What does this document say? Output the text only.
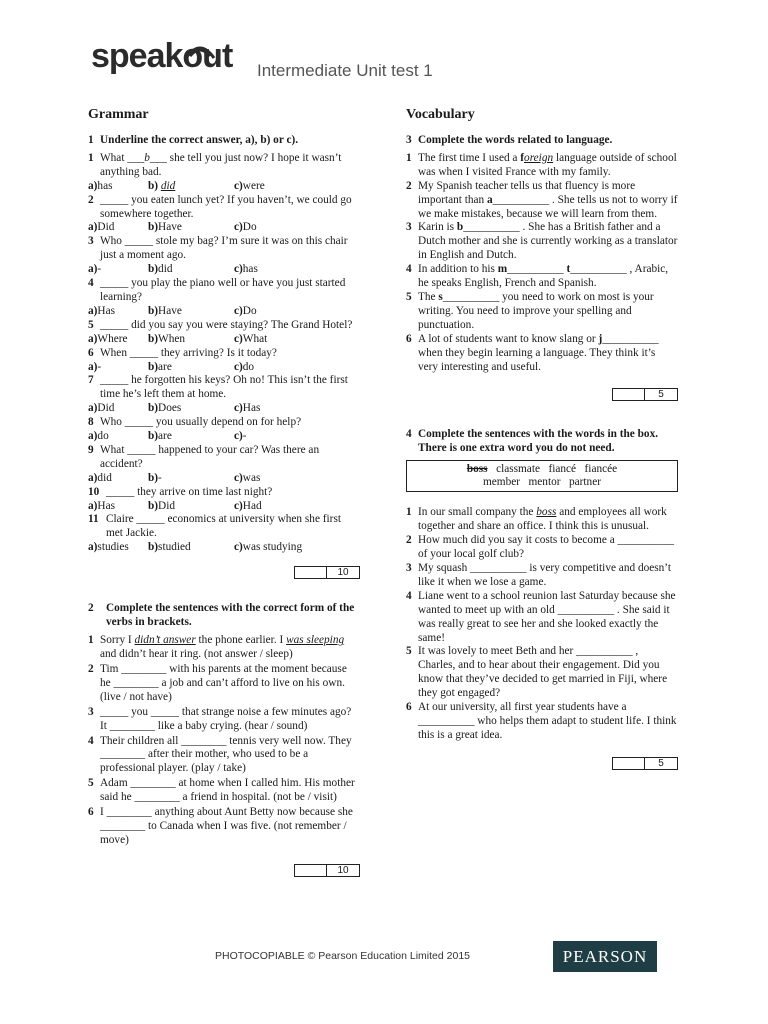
speakout Intermediate Unit test 1
Grammar
1 Underline the correct answer, a), b) or c).
1 What ___b___ she tell you just now? I hope it wasn’t anything bad.
a)has	b) did	c)were
2 _____ you eaten lunch yet? If you haven’t, we could go somewhere together.
a)Did	b)Have	c)Do
3 Who _____ stole my bag? I’m sure it was on this chair just a moment ago.
a)-	b)did	c)has
4 _____ you play the piano well or have you just started learning?
a)Has	b)Have	c)Do
5 _____ did you say you were staying? The Grand Hotel?
a)Where	b)When	c)What
6 When _____ they arriving? Is it today?
a)-	b)are	c)do
7 _____ he forgotten his keys? Oh no! This isn’t the first time he’s left them at home.
a)Did	b)Does	c)Has
8 Who _____ you usually depend on for help?
a)do	b)are	c)-
9 What _____ happened to your car? Was there an accident?
a)did	b)-	c)was
10 _____ they arrive on time last night?
a)Has	b)Did	c)Had
11 Claire _____ economics at university when she first met Jackie.
a)studies	b)studied	c)was studying
10
2	Complete the sentences with the correct form of the verbs in brackets.
1 Sorry I didn’t answer the phone earlier. I was sleeping and didn’t hear it ring. (not answer / sleep)
2 Tim ________ with his parents at the moment because he ________ a job and can’t afford to live on his own. (live / not have)
3 _____ you _____ that strange noise a few minutes ago? It ________ like a baby crying. (hear / sound)
4 Their children all ________ tennis very well now. They ________ after their mother, who used to be a professional player. (play / take)
5 Adam ________ at home when I called him. His mother said he ________ a friend in hospital. (not be / visit)
6 I ________ anything about Aunt Betty now because she ________ to Canada when I was five. (not remember / move)
10
Vocabulary
3 Complete the words related to language.
1 The first time I used a foreign language outside of school was when I visited France with my family.
2 My Spanish teacher tells us that fluency is more important than a__________ . She tells us not to worry if we make mistakes, because we will learn from them.
3 Karin is b__________ . She has a British father and a Dutch mother and she is currently working as a translator in English and Dutch.
4 In addition to his m__________ t__________ , Arabic, he speaks English, French and Spanish.
5 The s__________ you need to work on most is your writing. You need to improve your spelling and punctuation.
6 A lot of students want to know slang or j__________ when they begin learning a language. They think it’s very interesting and useful.
5
4 Complete the sentences with the words in the box. There is one extra word you do not need.
boss classmate fiancé fiancée
member mentor partner
1 In our small company the boss and employees all work together and share an office. I think this is unusual.
2 How much did you say it costs to become a __________ of your local golf club?
3 My squash __________ is very competitive and doesn’t like it when we lose a game.
4 Liane went to a school reunion last Saturday because she wanted to meet up with an old __________ . She said it was really great to see her and she looked exactly the same!
5 It was lovely to meet Beth and her __________ , Charles, and to hear about their engagement. Did you know that they’ve decided to get married in Fiji, where they got engaged?
6 At our university, all first year students have a __________ who helps them adapt to student life. I think this is a great idea.
5
PHOTOCOPIABLE © Pearson Education Limited 2015	PEARSON
